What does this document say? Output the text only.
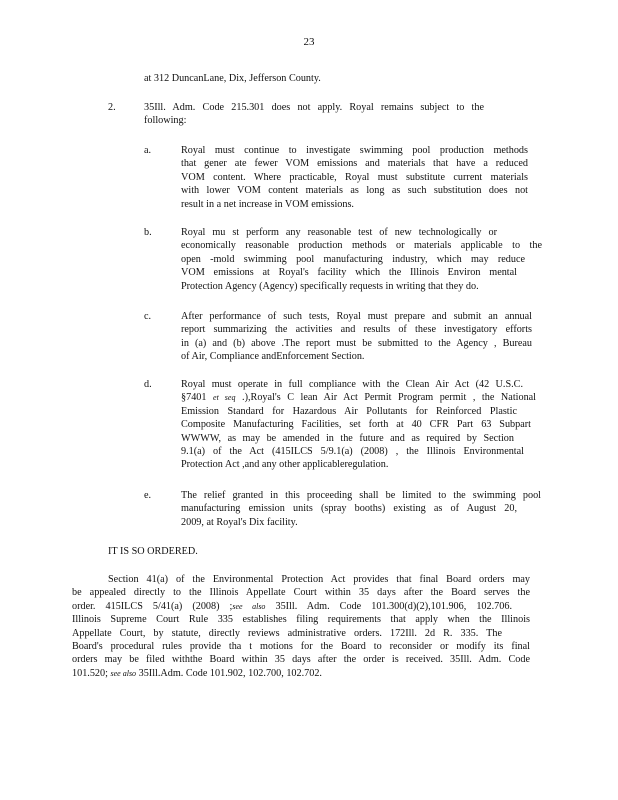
23
at 312 DuncanLane, Dix, Jefferson County.
2.	35Ill. Adm. Code 215.301 does not apply. Royal remains subject to the
following:
a.	Royal must continue to investigate swimming pool production methods
that gener ate fewer VOM emissions and materials that have a reduced
VOM content. Where practicable, Royal must substitute current materials
with lower VOM content materials as long as such substitution does not
result in a net increase in VOM emissions.
b.	Royal mu st perform any reasonable test of new technologically or
economically reasonable production methods or materials applicable to the
open -mold swimming pool manufacturing industry, which may reduce
VOM emissions at Royal's facility which the Illinois Environ mental
Protection Agency (Agency) specifically requests in writing that they do.
c.	After performance of such tests, Royal must prepare and submit an annual
report summarizing the activities and results of these investigatory efforts
in (a) and (b) above .The report must be submitted to the Agency , Bureau
of Air, Compliance andEnforcement Section.
d.	Royal must operate in full compliance with the Clean Air Act (42 U.S.C.
§7401 et seq .),Royal's C lean Air Act Permit Program permit , the National
Emission Standard for Hazardous Air Pollutants for Reinforced Plastic
Composite Manufacturing Facilities, set forth at 40 CFR Part 63 Subpart
WWWW, as may be amended in the future and as required by Section
9.1(a) of the Act (415ILCS 5/9.1(a) (2008) , the Illinois Environmental
Protection Act ,and any other applicableregulation.
e.	The relief granted in this proceeding shall be limited to the swimming pool
manufacturing emission units (spray booths) existing as of August 20,
2009, at Royal's Dix facility.
IT IS SO ORDERED.
Section 41(a) of the Environmental Protection Act provides that final Board orders may
be appealed directly to the Illinois Appellate Court within 35 days after the Board serves the
order. 415ILCS 5/41(a) (2008) ;see also 35Ill. Adm. Code 101.300(d)(2),101.906, 102.706.
Illinois Supreme Court Rule 335 establishes filing requirements that apply when the Illinois
Appellate Court, by statute, directly reviews administrative orders. 172Ill. 2d R. 335. The
Board's procedural rules provide tha t motions for the Board to reconsider or modify its final
orders may be filed withthe Board within 35 days after the order is received. 35Ill. Adm. Code
101.520; see also 35Ill.Adm. Code 101.902, 102.700, 102.702.
